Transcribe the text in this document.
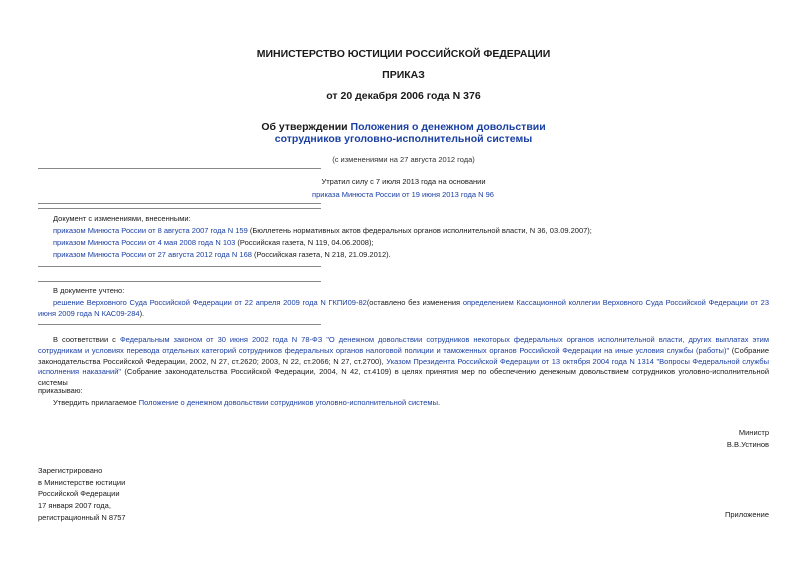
МИНИСТЕРСТВО ЮСТИЦИИ РОССИЙСКОЙ ФЕДЕРАЦИИ
ПРИКАЗ
от 20 декабря 2006 года N 376
Об утверждении Положения о денежном довольствии
сотрудников уголовно-исполнительной системы
(с изменениями на 27 августа 2012 года)
Утратил силу с 7 июля 2013 года на основании
приказа Минюста России от 19 июня 2013 года N 96
Документ с изменениями, внесенными:
приказом Минюста России от 8 августа 2007 года N 159 (Бюллетень нормативных актов федеральных органов исполнительной власти, N 36, 03.09.2007);
приказом Минюста России от 4 мая 2008 года N 103 (Российская газета, N 119, 04.06.2008);
приказом Минюста России от 27 августа 2012 года N 168 (Российская газета, N 218, 21.09.2012).
В документе учтено:
решение Верховного Суда Российской Федерации от 22 апреля 2009 года N ГКПИ09-82(оставлено без изменения определением Кассационной коллегии Верховного Суда Российской Федерации от 23 июня 2009 года N КАС09-284).
В соответствии с Федеральным законом от 30 июня 2002 года N 78-ФЗ "О денежном довольствии сотрудников некоторых федеральных органов исполнительной власти, других выплатах этим сотрудникам и условиях перевода отдельных категорий сотрудников федеральных органов налоговой полиции и таможенных органов Российской Федерации на иные условия службы (работы)" (Собрание законодательства Российской Федерации, 2002, N 27, ст.2620; 2003, N 22, ст.2066; N 27, ст.2700), Указом Президента Российской Федерации от 13 октября 2004 года N 1314 "Вопросы Федеральной службы исполнения наказаний" (Собрание законодательства Российской Федерации, 2004, N 42, ст.4109) в целях принятия мер по обеспечению денежным довольствием сотрудников уголовно-исполнительной системы
приказываю:
Утвердить прилагаемое Положение о денежном довольствии сотрудников уголовно-исполнительной системы.
Министр
В.В.Устинов
Зарегистрировано
в Министерстве юстиции
Российской Федерации
17 января 2007 года,
регистрационный N 8757	Приложение
